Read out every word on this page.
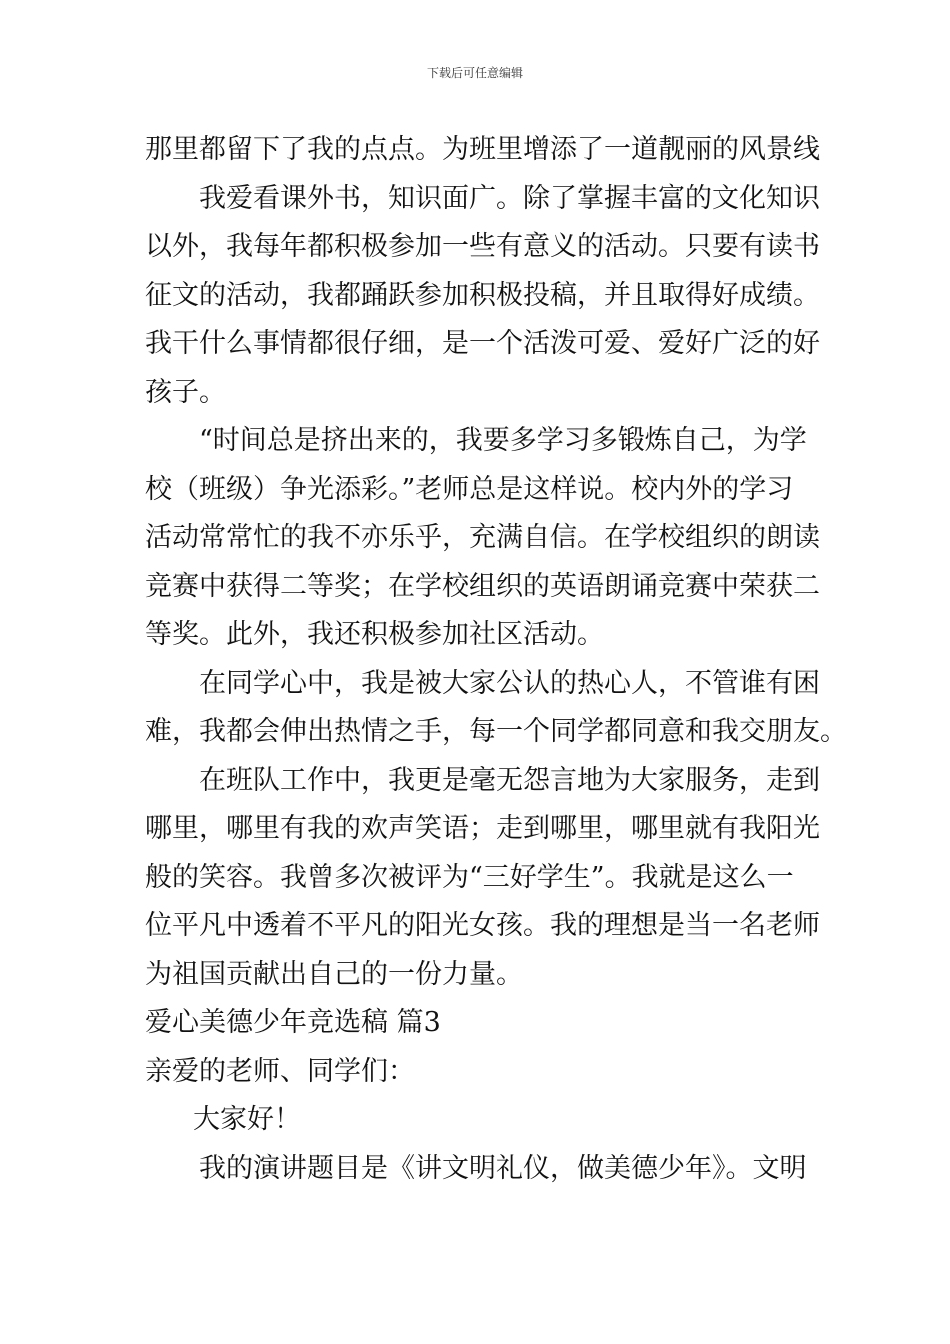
下载后可任意编辑
那里都留下了我的点点。为班里增添了一道靓丽的风景线
我爱看课外书，知识面广。除了掌握丰富的文化知识
以外，我每年都积极参加一些有意义的活动。只要有读书
征文的活动，我都踊跃参加积极投稿，并且取得好成绩。
我干什么事情都很仔细，是一个活泼可爱、爱好广泛的好
孩子。
“时间总是挤出来的，我要多学习多锻炼自己，为学
校（班级）争光添彩。”老师总是这样说。校内外的学习
活动常常忙的我不亦乐乎，充满自信。在学校组织的朗读
竞赛中获得二等奖；在学校组织的英语朗诵竞赛中荣获二
等奖。此外，我还积极参加社区活动。
在同学心中，我是被大家公认的热心人，不管谁有困
难，我都会伸出热情之手，每一个同学都同意和我交朋友。
在班队工作中，我更是毫无怨言地为大家服务，走到
哪里，哪里有我的欢声笑语；走到哪里，哪里就有我阳光
般的笑容。我曾多次被评为“三好学生”。我就是这么一
位平凡中透着不平凡的阳光女孩。我的理想是当一名老师
为祖国贡献出自己的一份力量。
爱心美德少年竞选稿 篇3
亲爱的老师、同学们：
大家好！
我的演讲题目是《讲文明礼仪，做美德少年》。文明
